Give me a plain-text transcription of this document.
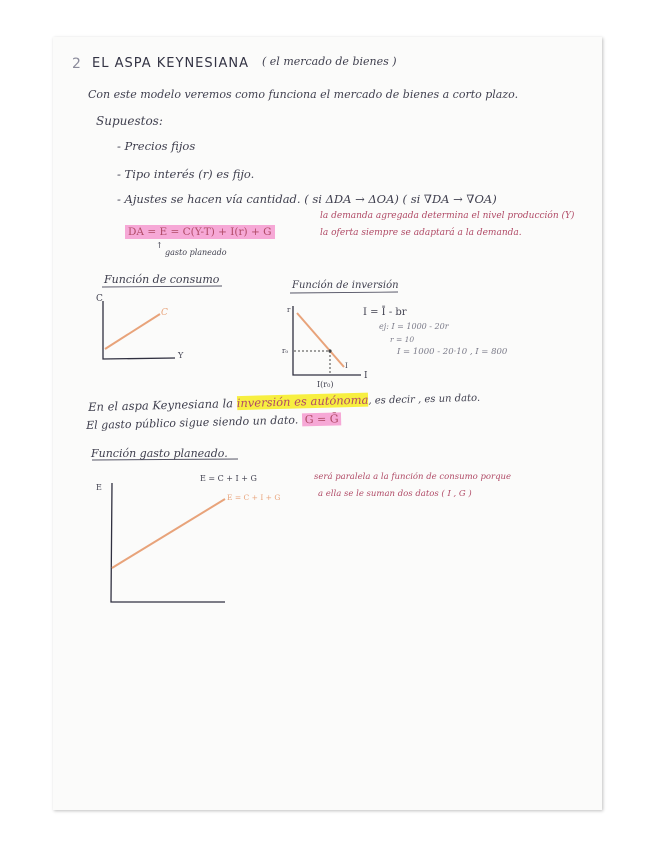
2 EL ASPA KEYNESIANA ( el mercado de bienes )
Con este modelo veremos como funciona el mercado de bienes a corto plazo.
Supuestos:
- Precios fijos
- Tipo interés (r) es fijo.
- Ajustes se hacen vía cantidad. ( si ΔDA → ΔOA) ( si ∇DA → ∇OA)
la demanda agregada determina el nivel producción (Y)
la oferta siempre se adaptará a la demanda.
DA = E = C(Y-T) + I(r) + G
↑
gasto planeado
Función de consumo
C
Y
C
Función de inversión
r
r₀
I(r₀)
I
I
I = Ī - br
ej: I = 1000 - 20r
r = 10
I = 1000 - 20·10 , I = 800
En el aspa Keynesiana la inversión es autónoma, es decir , es un dato.
El gasto público sigue siendo un dato. G = Ḡ
Función gasto planeado.
E
E = C + I + G
E = C + I + G
será paralela a la función de consumo porque
a ella se le suman dos datos ( I , G )
